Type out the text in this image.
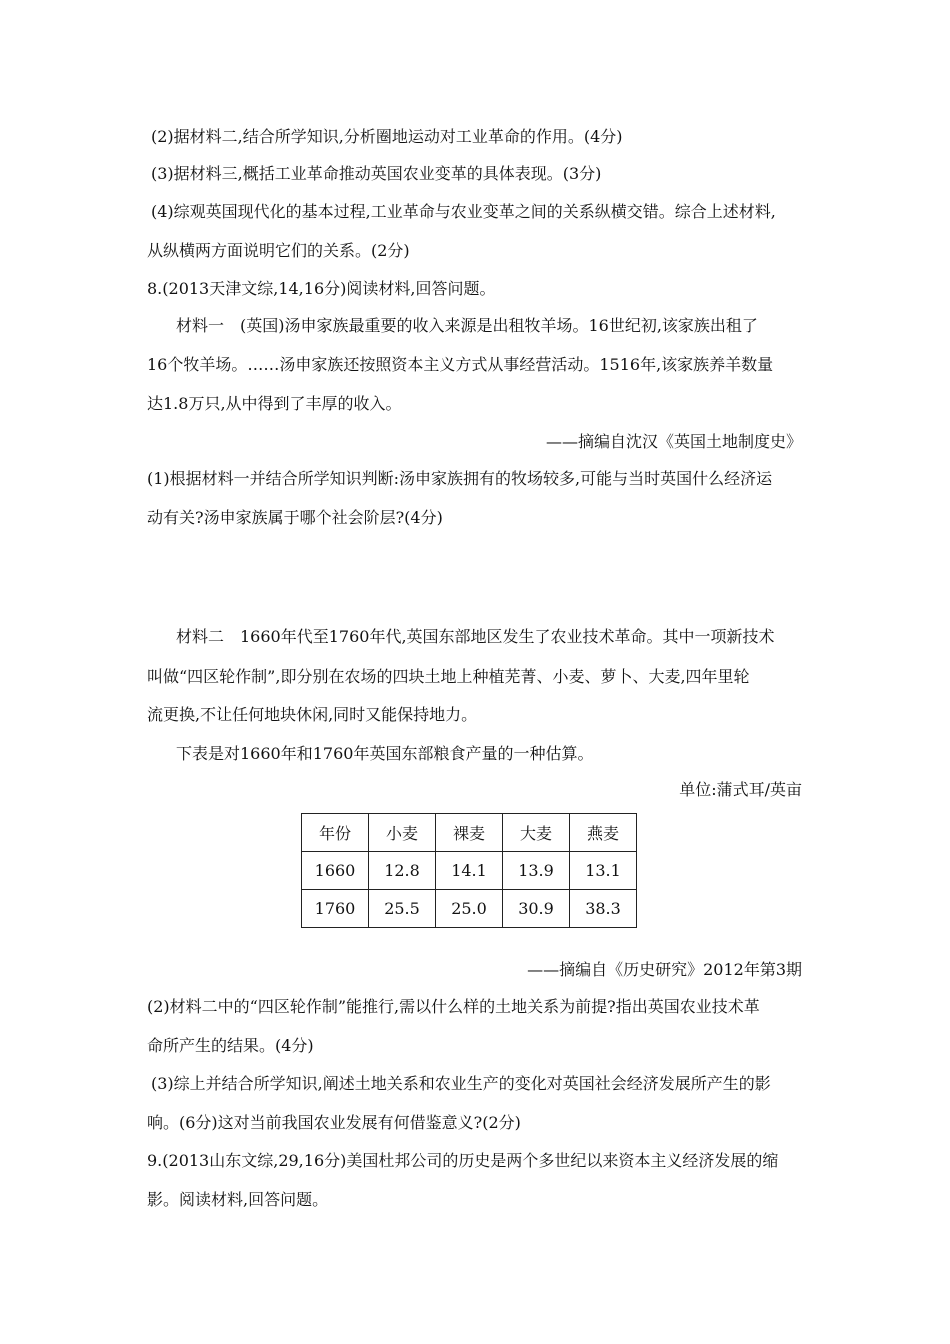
(2)据材料二,结合所学知识,分析圈地运动对工业革命的作用。(4分)
(3)据材料三,概括工业革命推动英国农业变革的具体表现。(3分)
(4)综观英国现代化的基本过程,工业革命与农业变革之间的关系纵横交错。综合上述材料,
从纵横两方面说明它们的关系。(2分)
8.(2013天津文综,14,16分)阅读材料,回答问题。
材料一　(英国)汤申家族最重要的收入来源是出租牧羊场。16世纪初,该家族出租了
16个牧羊场。……汤申家族还按照资本主义方式从事经营活动。1516年,该家族养羊数量
达1.8万只,从中得到了丰厚的收入。
——摘编自沈汉《英国土地制度史》
(1)根据材料一并结合所学知识判断:汤申家族拥有的牧场较多,可能与当时英国什么经济运
动有关?汤申家族属于哪个社会阶层?(4分)
材料二　1660年代至1760年代,英国东部地区发生了农业技术革命。其中一项新技术
叫做“四区轮作制”,即分别在农场的四块土地上种植芜菁、小麦、萝卜、大麦,四年里轮
流更换,不让任何地块休闲,同时又能保持地力。
下表是对1660年和1760年英国东部粮食产量的一种估算。
单位:蒲式耳/英亩
年份	小麦	裸麦	大麦	燕麦
1660	12.8	14.1	13.9	13.1
1760	25.5	25.0	30.9	38.3
——摘编自《历史研究》2012年第3期
(2)材料二中的“四区轮作制”能推行,需以什么样的土地关系为前提?指出英国农业技术革
命所产生的结果。(4分)
(3)综上并结合所学知识,阐述土地关系和农业生产的变化对英国社会经济发展所产生的影
响。(6分)这对当前我国农业发展有何借鉴意义?(2分)
9.(2013山东文综,29,16分)美国杜邦公司的历史是两个多世纪以来资本主义经济发展的缩
影。阅读材料,回答问题。
